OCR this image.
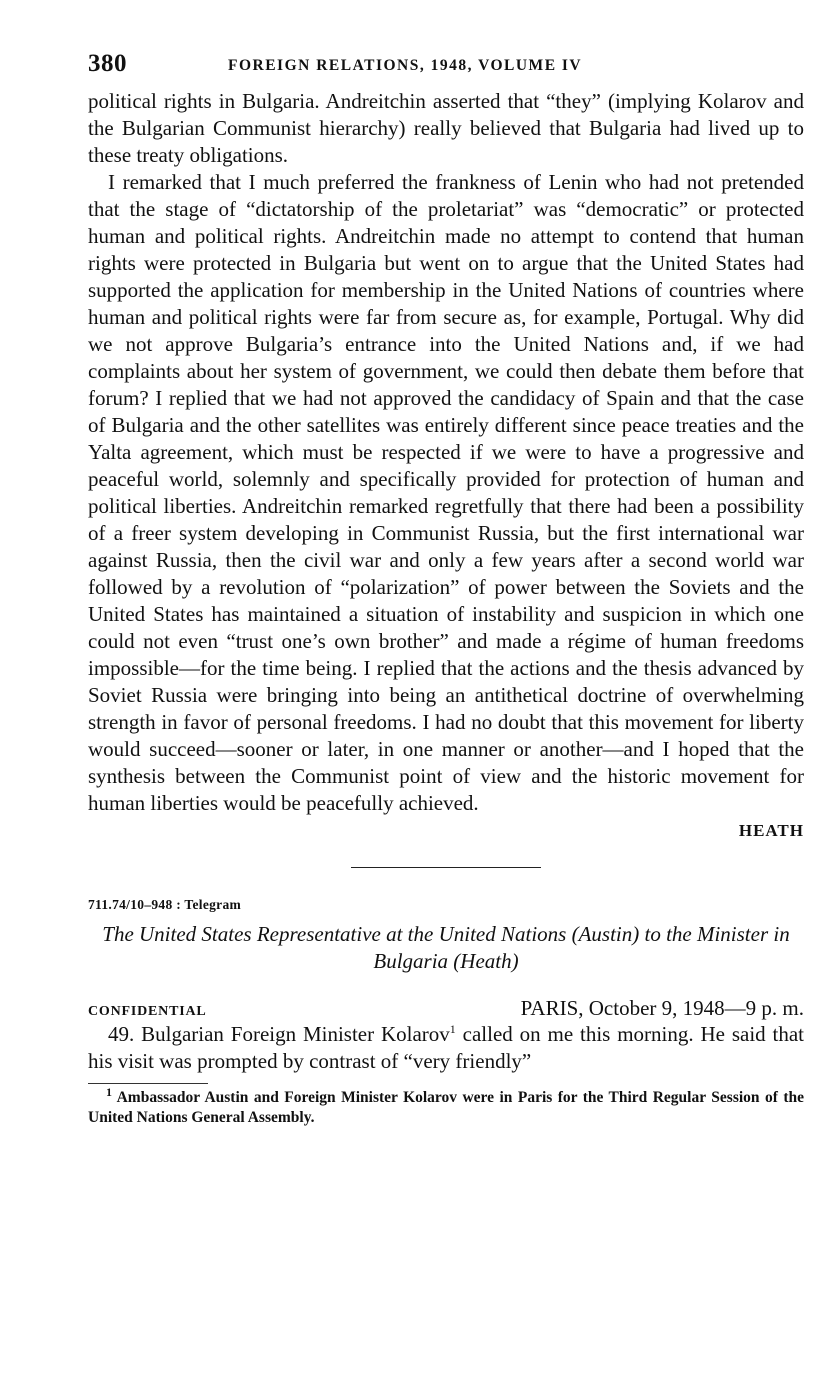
380	FOREIGN RELATIONS, 1948, VOLUME IV

political rights in Bulgaria. Andreitchin asserted that “they” (implying Kolarov and the Bulgarian Communist hierarchy) really believed that Bulgaria had lived up to these treaty obligations.

I remarked that I much preferred the frankness of Lenin who had not pretended that the stage of “dictatorship of the proletariat” was “democratic” or protected human and political rights. Andreitchin made no attempt to contend that human rights were protected in Bulgaria but went on to argue that the United States had supported the application for membership in the United Nations of countries where human and political rights were far from secure as, for example, Portugal. Why did we not approve Bulgaria’s entrance into the United Nations and, if we had complaints about her system of government, we could then debate them before that forum? I replied that we had not approved the candidacy of Spain and that the case of Bulgaria and the other satellites was entirely different since peace treaties and the Yalta agreement, which must be respected if we were to have a progressive and peaceful world, solemnly and specifically provided for protection of human and political liberties. Andreitchin remarked regretfully that there had been a possibility of a freer system developing in Communist Russia, but the first international war against Russia, then the civil war and only a few years after a second world war followed by a revolution of “polarization” of power between the Soviets and the United States has maintained a situation of instability and suspicion in which one could not even “trust one’s own brother” and made a régime of human freedoms impossible—for the time being. I replied that the actions and the thesis advanced by Soviet Russia were bringing into being an antithetical doctrine of overwhelming strength in favor of personal freedoms. I had no doubt that this movement for liberty would succeed—sooner or later, in one manner or another—and I hoped that the synthesis between the Communist point of view and the historic movement for human liberties would be peacefully achieved.

HEATH
711.74/10–948 : Telegram
The United States Representative at the United Nations (Austin) to the Minister in Bulgaria (Heath)
CONFIDENTIAL	PARIS, October 9, 1948—9 p. m.

49. Bulgarian Foreign Minister Kolarov$^1$ called on me this morning. He said that his visit was prompted by contrast of “very friendly”

$^1$ Ambassador Austin and Foreign Minister Kolarov were in Paris for the Third Regular Session of the United Nations General Assembly.
